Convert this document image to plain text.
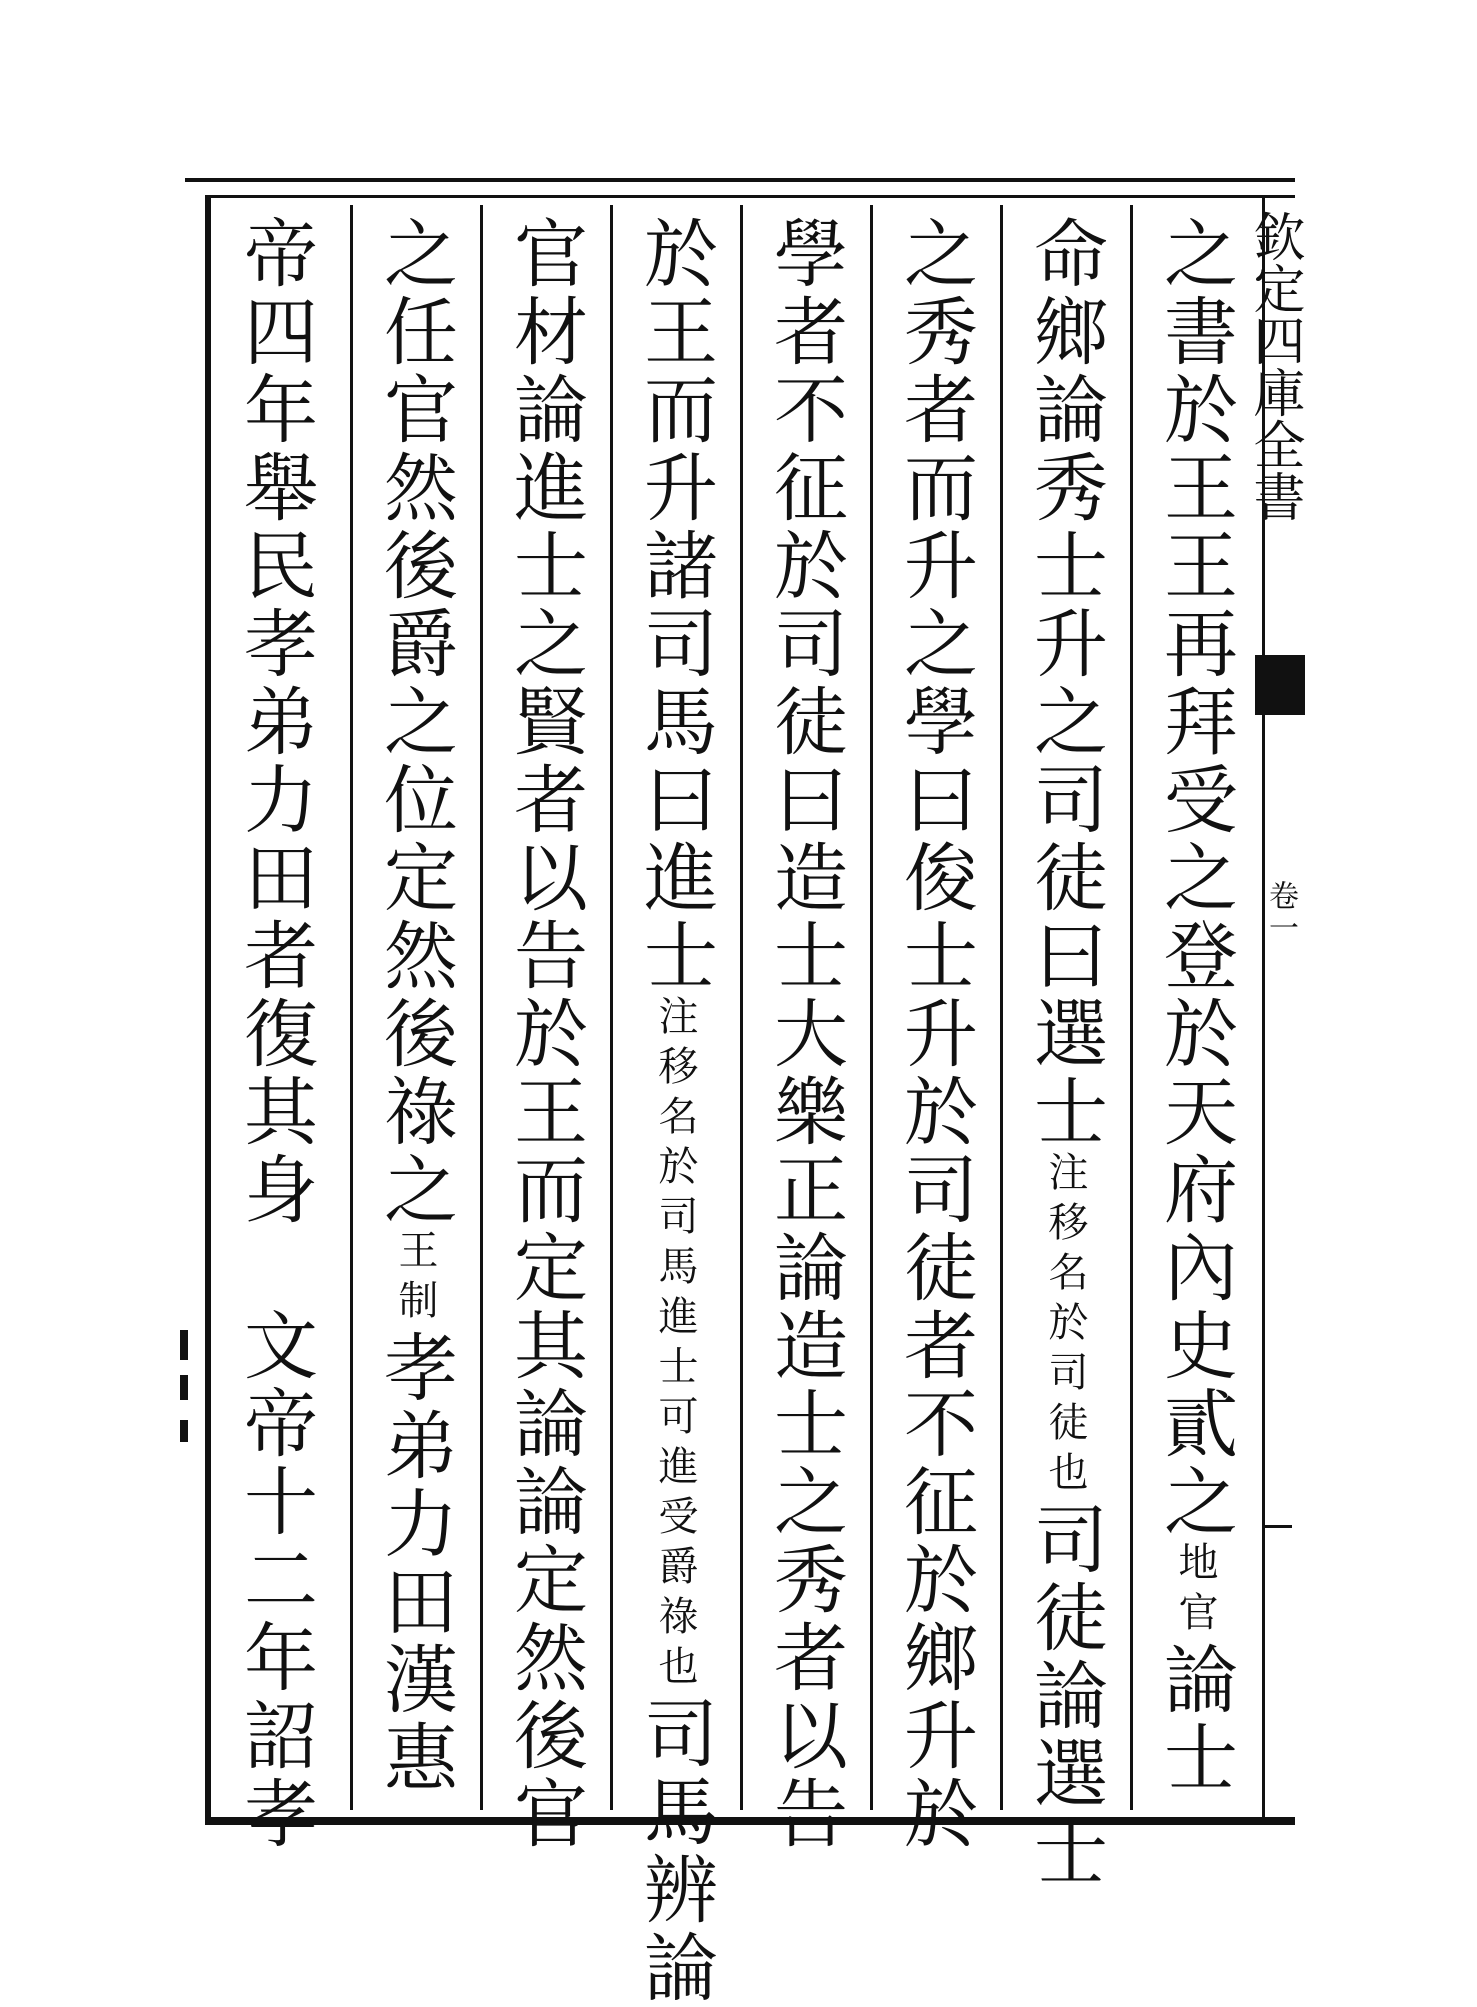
欽定四庫全書
卷一
之書於王王再拜受之登於天府內史貳之地官論士
命鄉論秀士升之司徒曰選士注移名於司徒也司徒論選士
之秀者而升之學曰俊士升於司徒者不征於鄉升於
學者不征於司徒曰造士大樂正論造士之秀者以告
於王而升諸司馬曰進士注移名於司馬進士可進受爵祿也司馬辨論
官材論進士之賢者以告於王而定其論論定然後官
之任官然後爵之位定然後祿之王制孝弟力田漢惠
帝四年舉民孝弟力田者復其身　文帝十二年詔孝
